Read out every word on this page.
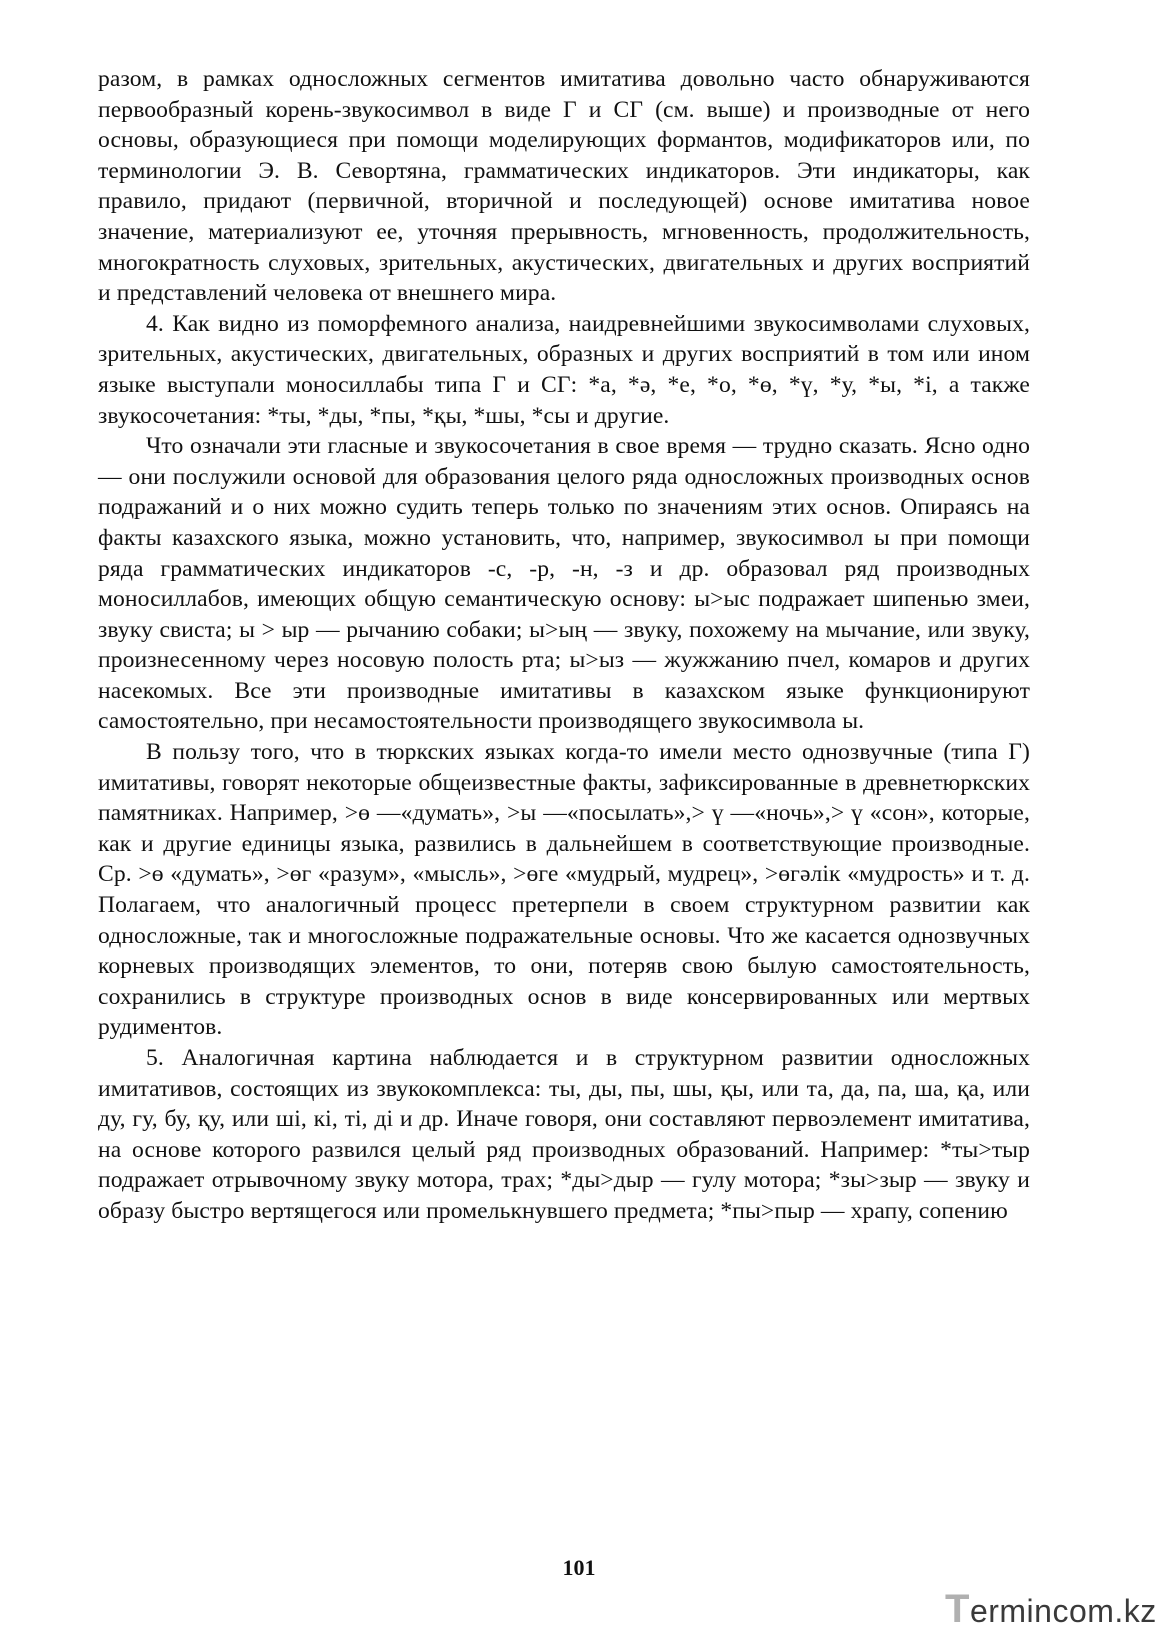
разом, в рамках односложных сегментов имитатива довольно часто обнаруживаются первообразный корень-звукосимвол в виде Г и СГ (см. выше) и производные от него основы, образующиеся при помощи моделирующих формантов, модификаторов или, по терминологии Э. В. Севортяна, грамматических индикаторов. Эти индикаторы, как правило, придают (первичной, вторичной и последующей) основе имитатива новое значение, материализуют ее, уточняя прерывность, мгновенность, продолжительность, многократность слуховых, зрительных, акустических, двигательных и других восприятий и представлений человека от внешнего мира.

4. Как видно из поморфемного анализа, наидревнейшими звукосимволами слуховых, зрительных, акустических, двигательных, образных и других восприятий в том или ином языке выступали моносиллабы типа Г и СГ: *а, *ә, *е, *о, *ө, *ү, *у, *ы, *і, а также звукосочетания: *ты, *ды, *пы, *қы, *шы, *сы и другие.

Что означали эти гласные и звукосочетания в свое время — трудно сказать. Ясно одно — они послужили основой для образования целого ряда односложных производных основ подражаний и о них можно судить теперь только по значениям этих основ. Опираясь на факты казахского языка, можно установить, что, например, звукосимвол ы при помощи ряда грамматических индикаторов -с, -р, -н, -з и др. образовал ряд производных моносиллабов, имеющих общую семантическую основу: ы>ыс подражает шипенью змеи, звуку свиста; ы > ыр — рычанию собаки; ы>ың — звуку, похожему на мычание, или звуку, произнесенному через носовую полость рта; ы>ыз — жужжанию пчел, комаров и других насекомых. Все эти производные имитативы в казахском языке функционируют самостоятельно, при несамостоятельности производящего звукосимвола ы.

В пользу того, что в тюркских языках когда-то имели место однозвучные (типа Г) имитативы, говорят некоторые общеизвестные факты, зафиксированные в древнетюркских памятниках. Например, >ө —«думать», >ы —«посылать»,> ү —«ночь»,> ү «сон», которые, как и другие единицы языка, развились в дальнейшем в соответствующие производные. Ср. >ө «думать», >өг «разум», «мысль», >өге «мудрый, мудрец», >өгәлік «мудрость» и т. д. Полагаем, что аналогичный процесс претерпели в своем структурном развитии как односложные, так и многосложные подражательные основы. Что же касается однозвучных корневых производящих элементов, то они, потеряв свою былую самостоятельность, сохранились в структуре производных основ в виде консервированных или мертвых рудиментов.

5. Аналогичная картина наблюдается и в структурном развитии односложных имитативов, состоящих из звукокомплекса: ты, ды, пы, шы, қы, или та, да, па, ша, қа, или ду, гу, бу, қу, или ші, кі, ті, ді и др. Иначе говоря, они составляют первоэлемент имитатива, на основе которого развился целый ряд производных образований. Например: *ты>тыр подражает отрывочному звуку мотора, трах; *ды>дыр — гулу мотора; *зы>зыр — звуку и образу быстро вертящегося или промелькнувшего предмета; *пы>пыр — храпу, сопению

101
Termincom.kz
